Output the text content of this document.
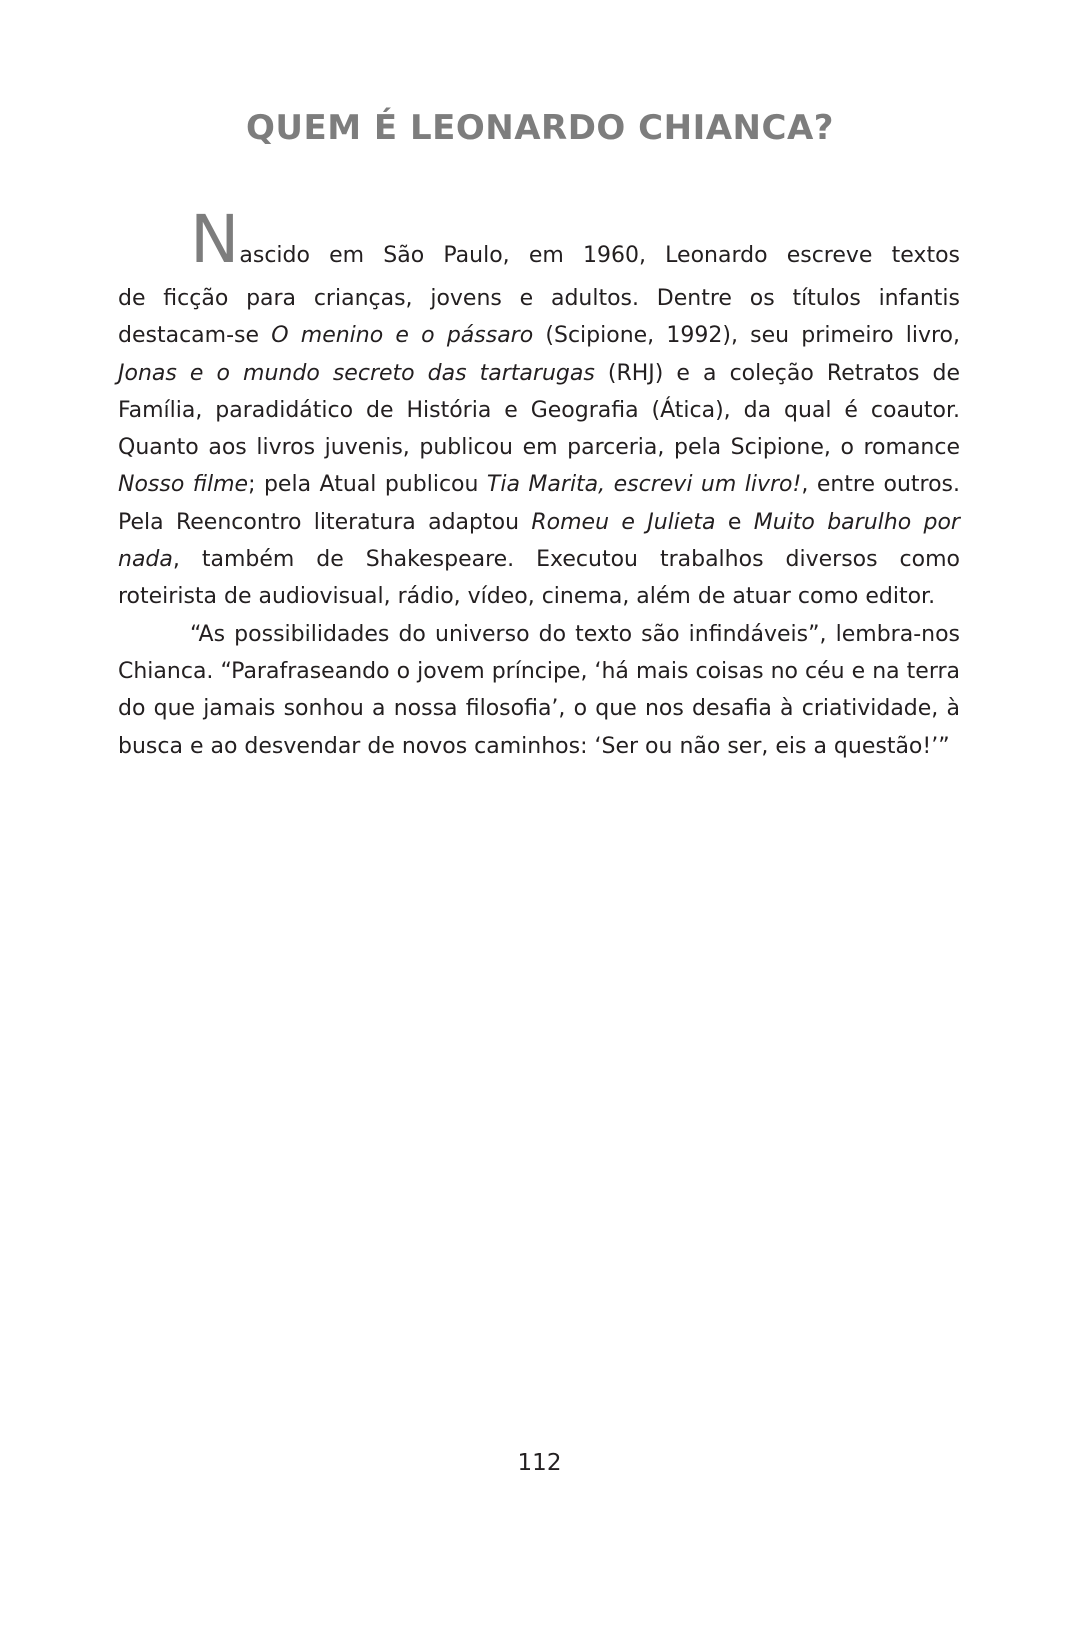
QUEM É LEONARDO CHIANCA?

Nascido em São Paulo, em 1960, Leonardo escreve textos
de ficção para crianças, jovens e adultos. Dentre os títulos infantis destacam-se O menino e o pássaro (Scipione, 1992), seu primeiro livro, Jonas e o mundo secreto das tartarugas (RHJ) e a coleção Retratos de Família, paradidático de História e Geografia (Ática), da qual é coautor. Quanto aos livros juvenis, publicou em parceria, pela Scipione, o romance Nosso filme; pela Atual publicou Tia Marita, escrevi um livro!, entre outros. Pela Reencontro literatura adaptou Romeu e Julieta e Muito barulho por nada, também de Shakespeare. Executou trabalhos diversos como roteirista de audiovisual, rádio, vídeo, cinema, além de atuar como editor.

“As possibilidades do universo do texto são infindáveis”, lembra-nos Chianca. “Parafraseando o jovem príncipe, ‘há mais coisas no céu e na terra do que jamais sonhou a nossa filosofia’, o que nos desafia à criatividade, à busca e ao desvendar de novos caminhos: ‘Ser ou não ser, eis a questão!’”

112
